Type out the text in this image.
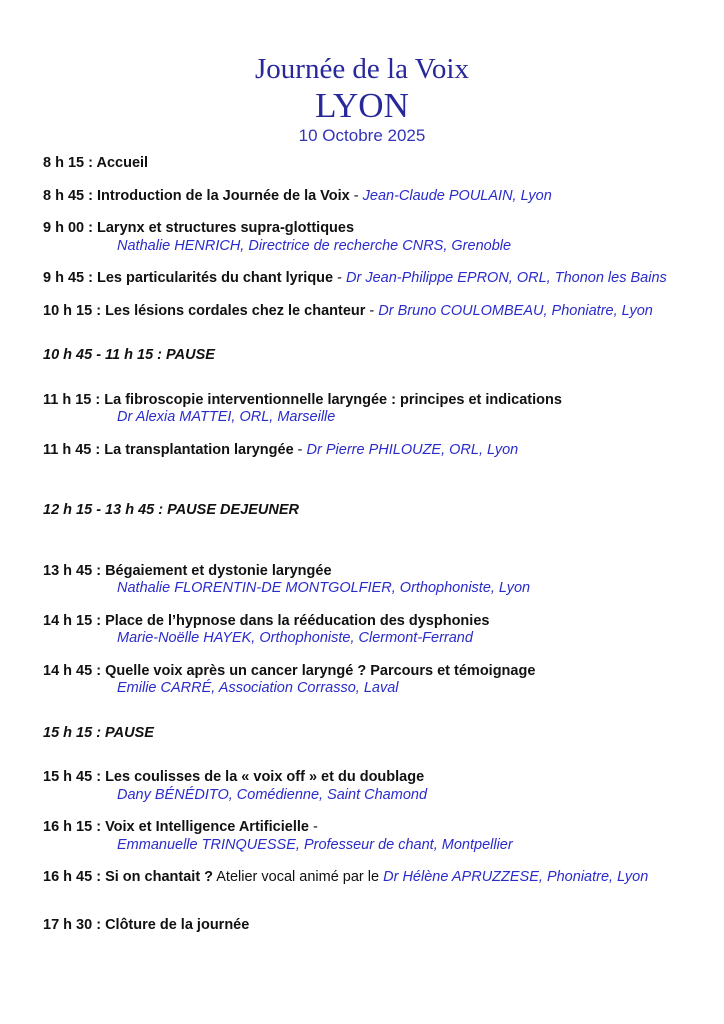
Journée de la Voix
LYON
10 Octobre 2025
8 h 15 : Accueil
8 h 45 : Introduction de la Journée de la Voix - Jean-Claude POULAIN, Lyon
9 h 00 : Larynx et structures supra-glottiques
Nathalie HENRICH, Directrice de recherche CNRS, Grenoble
9 h 45 : Les particularités du chant lyrique - Dr Jean-Philippe EPRON, ORL, Thonon les Bains
10 h 15 : Les lésions cordales chez le chanteur - Dr Bruno COULOMBEAU, Phoniatre, Lyon
10 h 45 - 11 h 15 : PAUSE
11 h 15 : La fibroscopie interventionnelle laryngée : principes et indications
Dr Alexia MATTEI, ORL, Marseille
11 h 45 : La transplantation laryngée - Dr Pierre PHILOUZE, ORL, Lyon
12 h 15 - 13 h 45 : PAUSE DEJEUNER
13 h 45 : Bégaiement et dystonie laryngée
Nathalie FLORENTIN-DE MONTGOLFIER, Orthophoniste, Lyon
14 h 15 : Place de l’hypnose dans la rééducation des dysphonies
Marie-Noëlle HAYEK, Orthophoniste, Clermont-Ferrand
14 h 45 : Quelle voix après un cancer laryngé ? Parcours et témoignage
Emilie CARRÉ, Association Corrasso, Laval
15 h 15 : PAUSE
15 h 45 : Les coulisses de la « voix off » et du doublage
Dany BÉNÉDITO, Comédienne, Saint Chamond
16 h 15 : Voix et Intelligence Artificielle -
Emmanuelle TRINQUESSE, Professeur de chant, Montpellier
16 h 45 : Si on chantait ? Atelier vocal animé par le Dr Hélène APRUZZESE, Phoniatre, Lyon
17 h 30 : Clôture de la journée
